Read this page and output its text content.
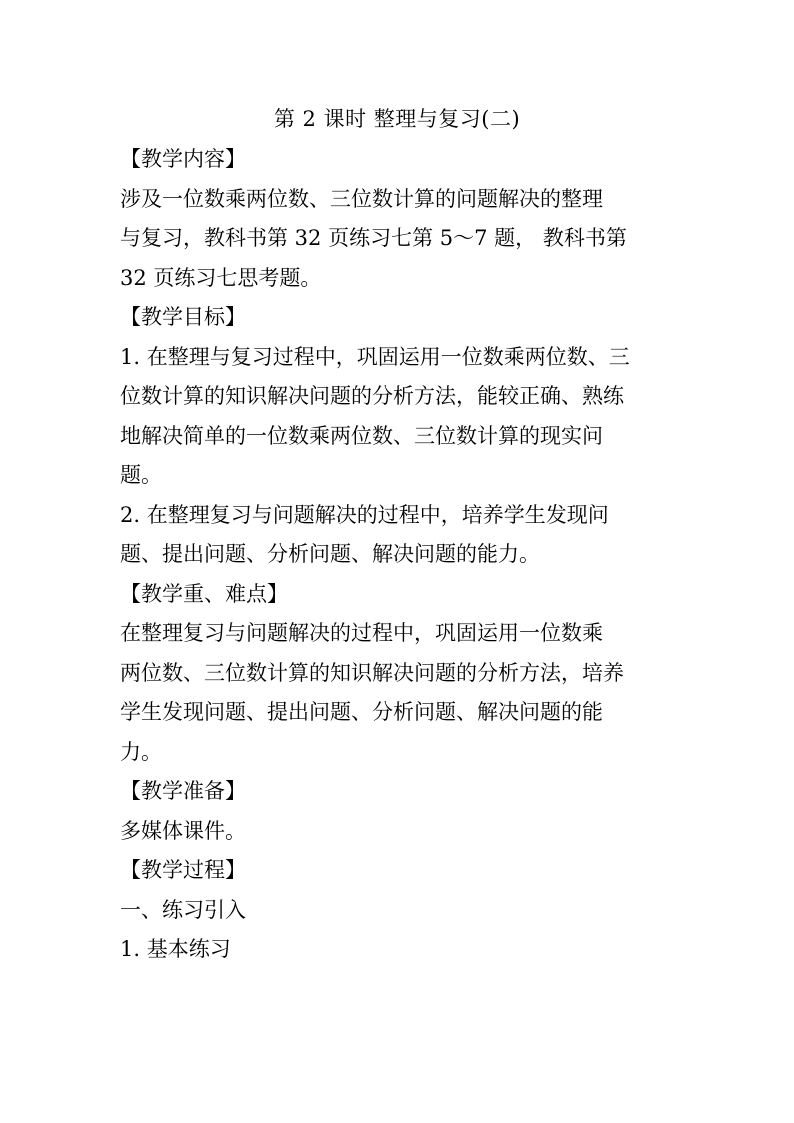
第 2 课时 整理与复习(二)

【教学内容】

涉及一位数乘两位数、三位数计算的问题解决的整理

与复习，教科书第 32 页练习七第 5～7 题， 教科书第

32 页练习七思考题。

【教学目标】

1. 在整理与复习过程中，巩固运用一位数乘两位数、三

位数计算的知识解决问题的分析方法，能较正确、熟练

地解决简单的一位数乘两位数、三位数计算的现实问

题。

2. 在整理复习与问题解决的过程中，培养学生发现问

题、提出问题、分析问题、解决问题的能力。

【教学重、难点】

在整理复习与问题解决的过程中，巩固运用一位数乘

两位数、三位数计算的知识解决问题的分析方法，培养

学生发现问题、提出问题、分析问题、解决问题的能

力。

【教学准备】

多媒体课件。

【教学过程】

一、练习引入

1. 基本练习
